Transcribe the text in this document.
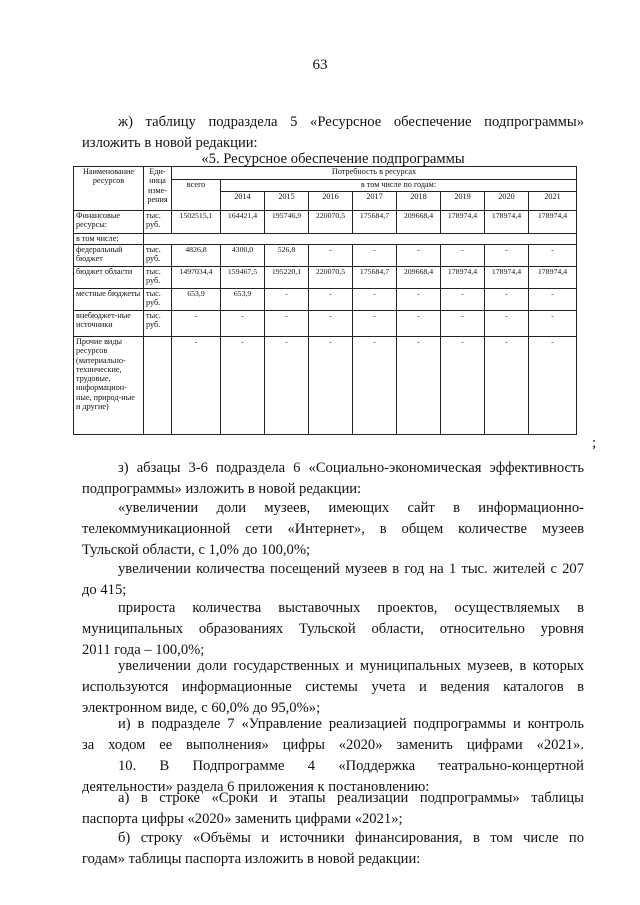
63
ж) таблицу подраздела 5 «Ресурсное обеспечение подпрограммы»
изложить в новой редакции:
«5. Ресурсное обеспечение подпрограммы
Наименование ресурсов	Еди-ница изме-рения	Потребность в ресурсах								
		всего	в том числе по годам:							
			2014	2015	2016	2017	2018	2019	2020	2021
Финансовые ресурсы:	тыс. руб.	1502515,1	164421,4	195746,9	220070,5	175684,7	209668,4	178974,4	178974,4	178974,4
в том числе:										
федеральный бюджет	тыс. руб.	4826,8	4300,0	526,8	-	-	-	-	-	-
бюджет области	тыс. руб.	1497034,4	159467,5	195220,1	220070,5	175684,7	209668,4	178974,4	178974,4	178974,4
местные бюджеты	тыс. руб.	653,9	653,9	-	-	-	-	-	-	-
внебюджет-ные источники	тыс. руб.	-	-	-	-	-	-	-	-	-
Прочие виды ресурсов (материально-технические, трудовые, информацион-ные, природ-ные и другие)		-	-	-	-	-	-	-	-	-
;
з) абзацы 3-6 подраздела 6 «Социально-экономическая эффективность
подпрограммы» изложить в новой редакции:
«увеличении доли музеев, имеющих сайт в информационно-
телекоммуникационной сети «Интернет», в общем количестве музеев
Тульской области, с 1,0% до 100,0%;
увеличении количества посещений музеев в год на 1 тыс. жителей с 207
до 415;
прироста количества выставочных проектов, осуществляемых в
муниципальных образованиях Тульской области, относительно уровня
2011 года – 100,0%;
увеличении доли государственных и муниципальных музеев, в которых
используются информационные системы учета и ведения каталогов в
электронном виде, с 60,0% до 95,0%»;
и) в подразделе 7 «Управление реализацией подпрограммы и контроль
за ходом ее выполнения» цифры «2020» заменить цифрами «2021».
10. В Подпрограмме 4 «Поддержка театрально-концертной
деятельности» раздела 6 приложения к постановлению:
а) в строке «Сроки и этапы реализации подпрограммы» таблицы
паспорта цифры «2020» заменить цифрами «2021»;
б) строку «Объёмы и источники финансирования, в том числе по
годам» таблицы паспорта изложить в новой редакции:
